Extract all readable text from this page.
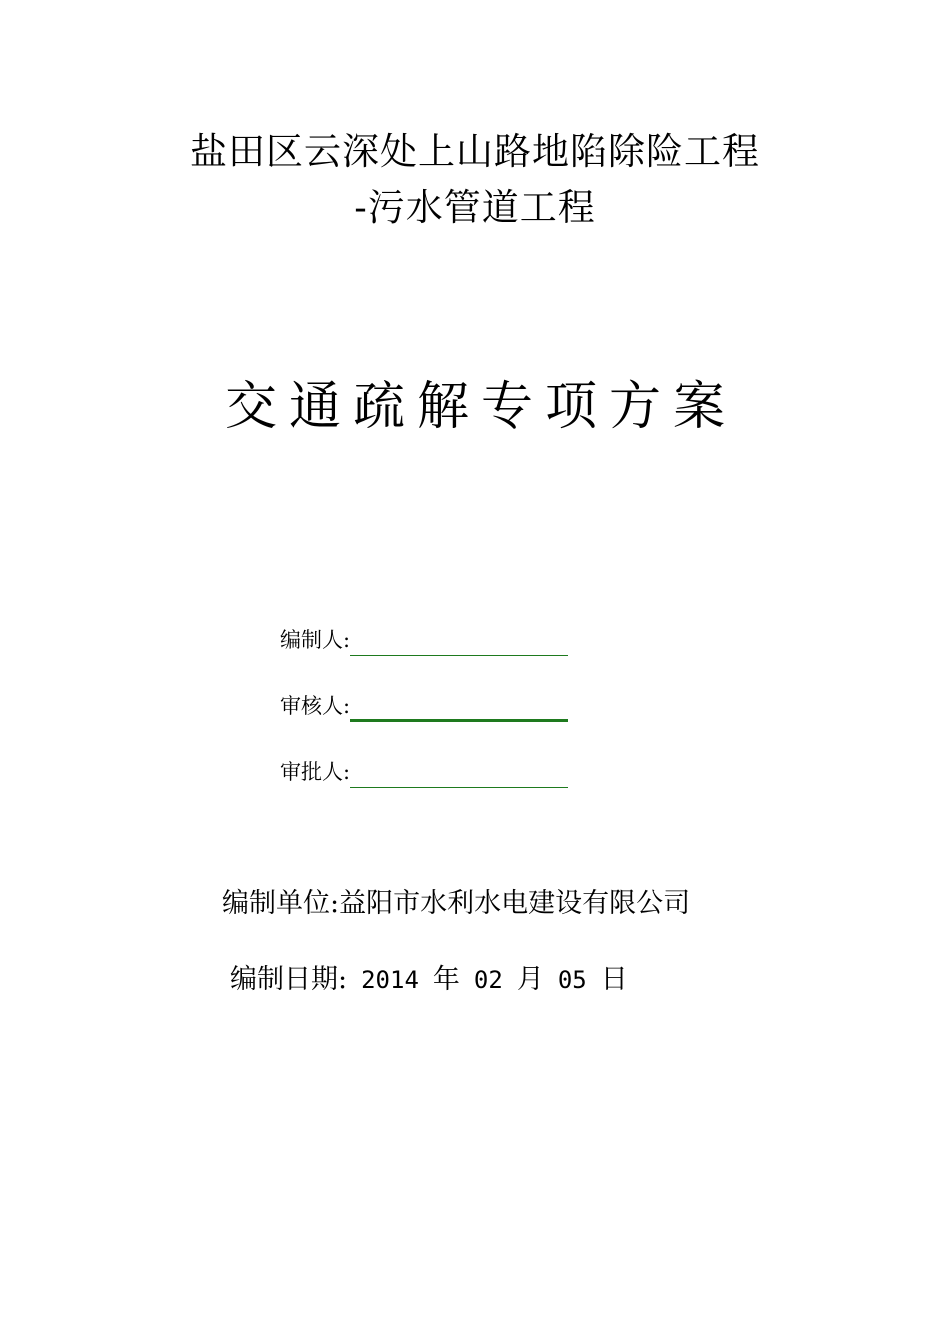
盐田区云深处上山路地陷除险工程
-污水管道工程
交通疏解专项方案
编制人:
审核人:
审批人:
编制单位:益阳市水利水电建设有限公司
编制日期: 2014 年 02 月 05 日
